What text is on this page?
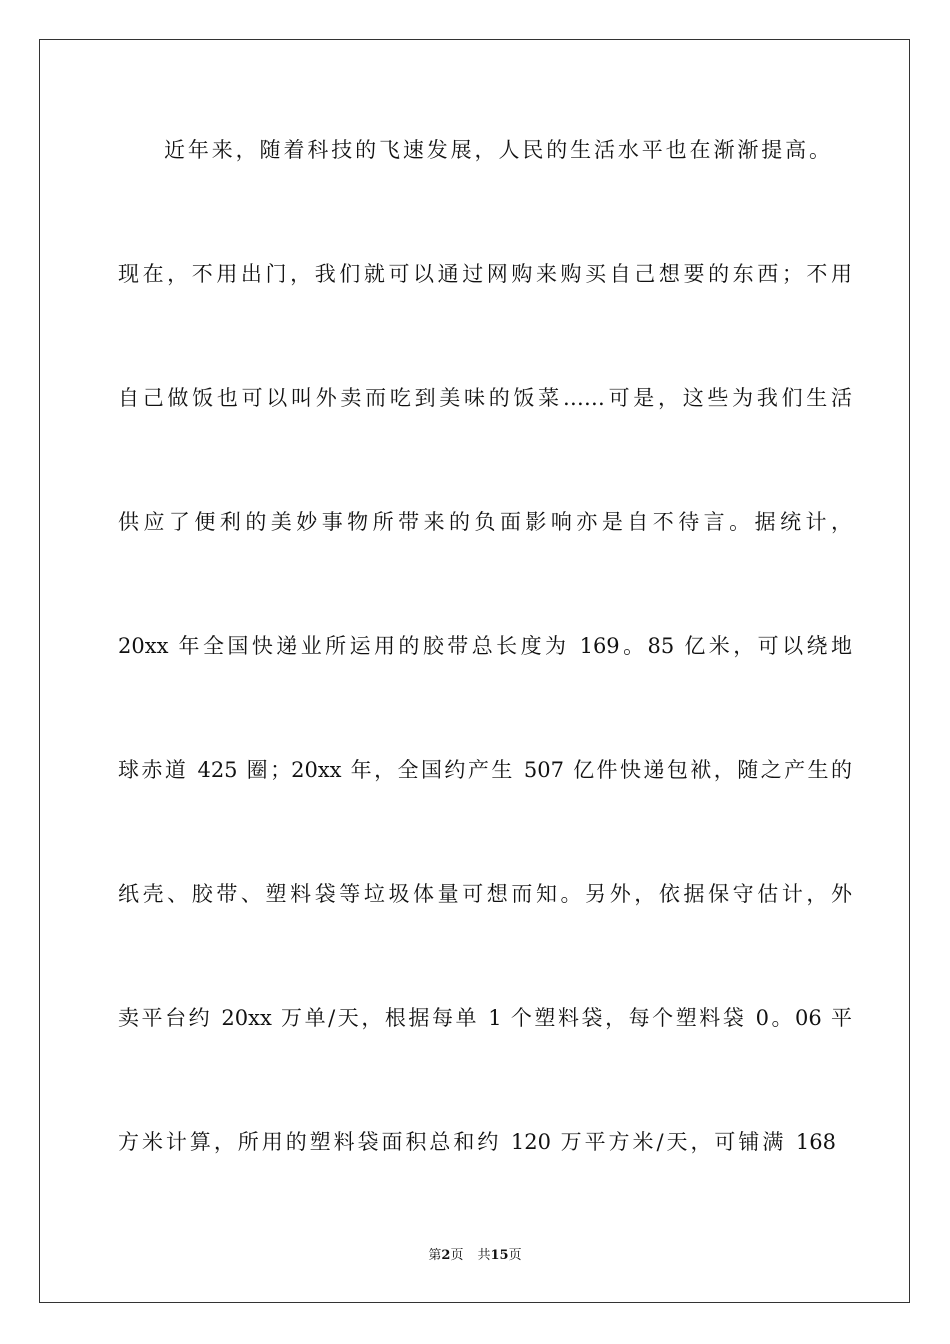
近年来，随着科技的飞速发展，人民的生活水平也在渐渐提高。
现在，不用出门，我们就可以通过网购来购买自己想要的东西；不用
自己做饭也可以叫外卖而吃到美味的饭菜……可是，这些为我们生活
供应了便利的美妙事物所带来的负面影响亦是自不待言。据统计，
20xx 年全国快递业所运用的胶带总长度为 169。85 亿米，可以绕地
球赤道 425 圈；20xx 年，全国约产生 507 亿件快递包袱，随之产生的
纸壳、胶带、塑料袋等垃圾体量可想而知。另外，依据保守估计，外
卖平台约 20xx 万单/天，根据每单 1 个塑料袋，每个塑料袋 0。06 平
方米计算，所用的塑料袋面积总和约 120 万平方米/天，可铺满 168
第2页 共15页
